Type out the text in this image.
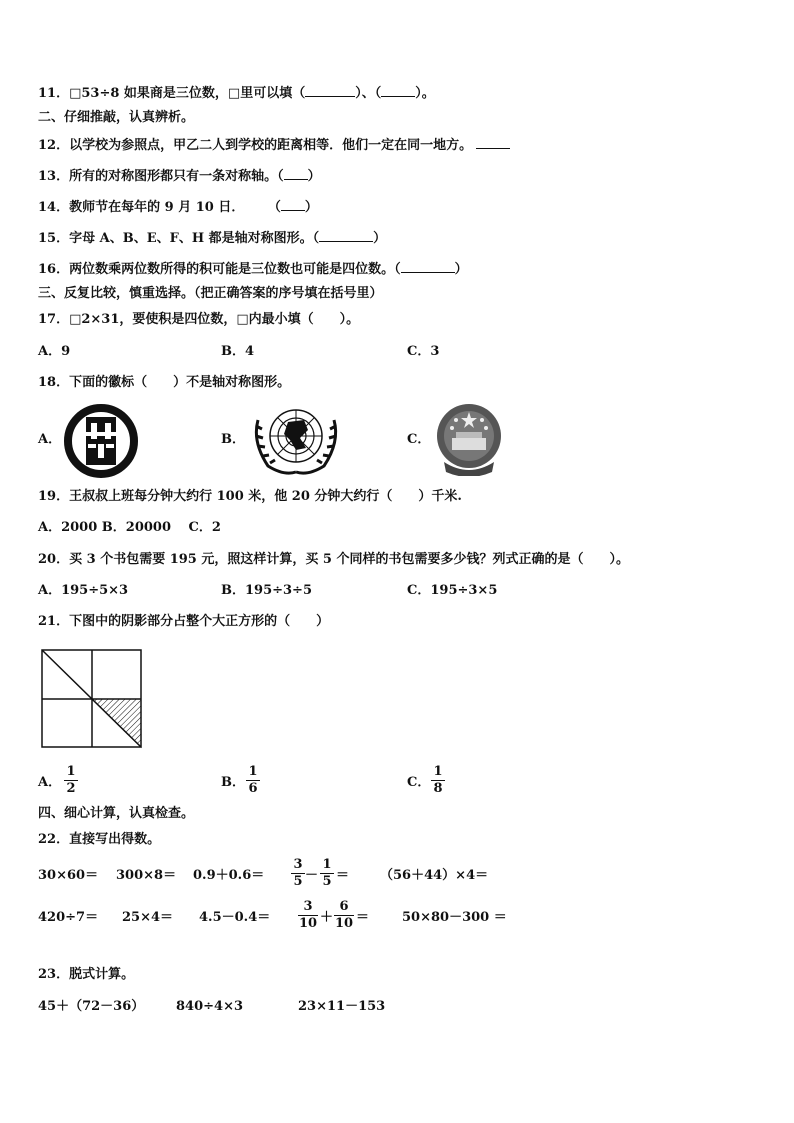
11．□53÷8 如果商是三位数，□里可以填（	）、（	）。
二、仔细推敲，认真辨析。
12．以学校为参照点，甲乙二人到学校的距离相等．他们一定在同一地方。
13．所有的对称图形都只有一条对称轴。（ ）
14．教师节在每年的 9 月 10 日． （ ）
15．字母 A、B、E、F、H 都是轴对称图形。（	）
16．两位数乘两位数所得的积可能是三位数也可能是四位数。（	）
三、反复比较，慎重选择。（把正确答案的序号填在括号里）
17．□2×31，要使积是四位数，□内最小填（　　）。
A．9	B．4	C．3
18．下面的徽标（　　）不是轴对称图形。
A．	B．	C．
19．王叔叔上班每分钟大约行 100 米，他 20 分钟大约行（　　）千米.
A．2000 B．20000　 C．2
20．买 3 个书包需要 195 元，照这样计算，买 5 个同样的书包需要多少钱？列式正确的是（　　）。
A．195÷5×3	B．195÷3÷5	C．195÷3×5
21．下图中的阴影部分占整个大正方形的（　　）
A． $\frac{1}{2}$	B． $\frac{1}{6}$	C． $\frac{1}{8}$
四、细心计算，认真检查。
22．直接写出得数。
$30\times 60= 300\times 8= 0.9+0.6= \frac{3}{5} - \frac{1}{5} = (56+44)\times 4=$
$420\div 7= 25\times 4= 4.5-0.4= \frac{3}{10} + \frac{6}{10}$ ＝	50×80－300 ＝
23．脱式计算。
45＋（72－36） 840÷4×3	23×11－153
